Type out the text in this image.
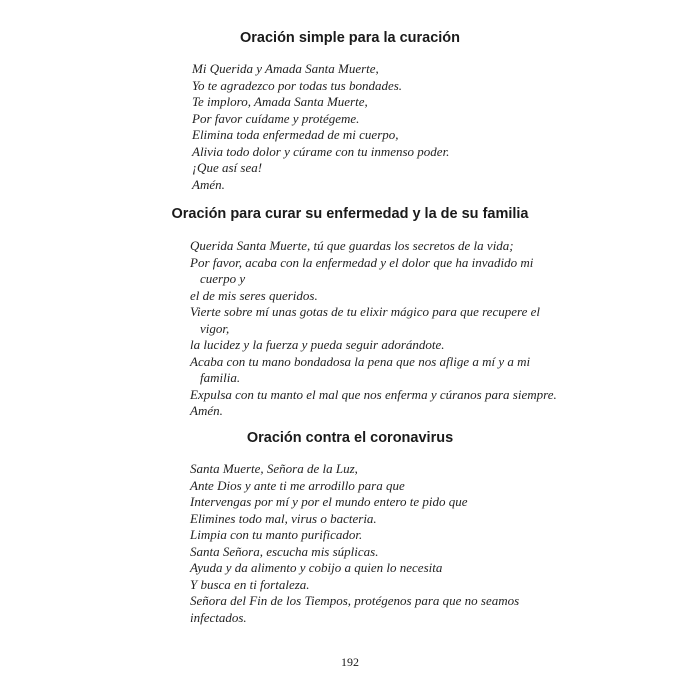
Oración simple para la curación
Mi Querida y Amada Santa Muerte,
Yo te agradezco por todas tus bondades.
Te imploro, Amada Santa Muerte,
Por favor cuídame y protégeme.
Elimina toda enfermedad de mi cuerpo,
Alivia todo dolor y cúrame con tu inmenso poder.
¡Que así sea!
Amén.
Oración para curar su enfermedad y la de su familia
Querida Santa Muerte, tú que guardas los secretos de la vida;
Por favor, acaba con la enfermedad y el dolor que ha invadido mi
cuerpo y
el de mis seres queridos.
Vierte sobre mí unas gotas de tu elixir mágico para que recupere el
vigor,
la lucidez y la fuerza y pueda seguir adorándote.
Acaba con tu mano bondadosa la pena que nos aflige a mí y a mi
familia.
Expulsa con tu manto el mal que nos enferma y cúranos para siempre.
Amén.
Oración contra el coronavirus
Santa Muerte, Señora de la Luz,
Ante Dios y ante ti me arrodillo para que
Intervengas por mí y por el mundo entero te pido que
Elimines todo mal, virus o bacteria.
Limpia con tu manto purificador.
Santa Señora, escucha mis súplicas.
Ayuda y da alimento y cobijo a quien lo necesita
Y busca en ti fortaleza.
Señora del Fin de los Tiempos, protégenos para que no seamos
infectados.
192
